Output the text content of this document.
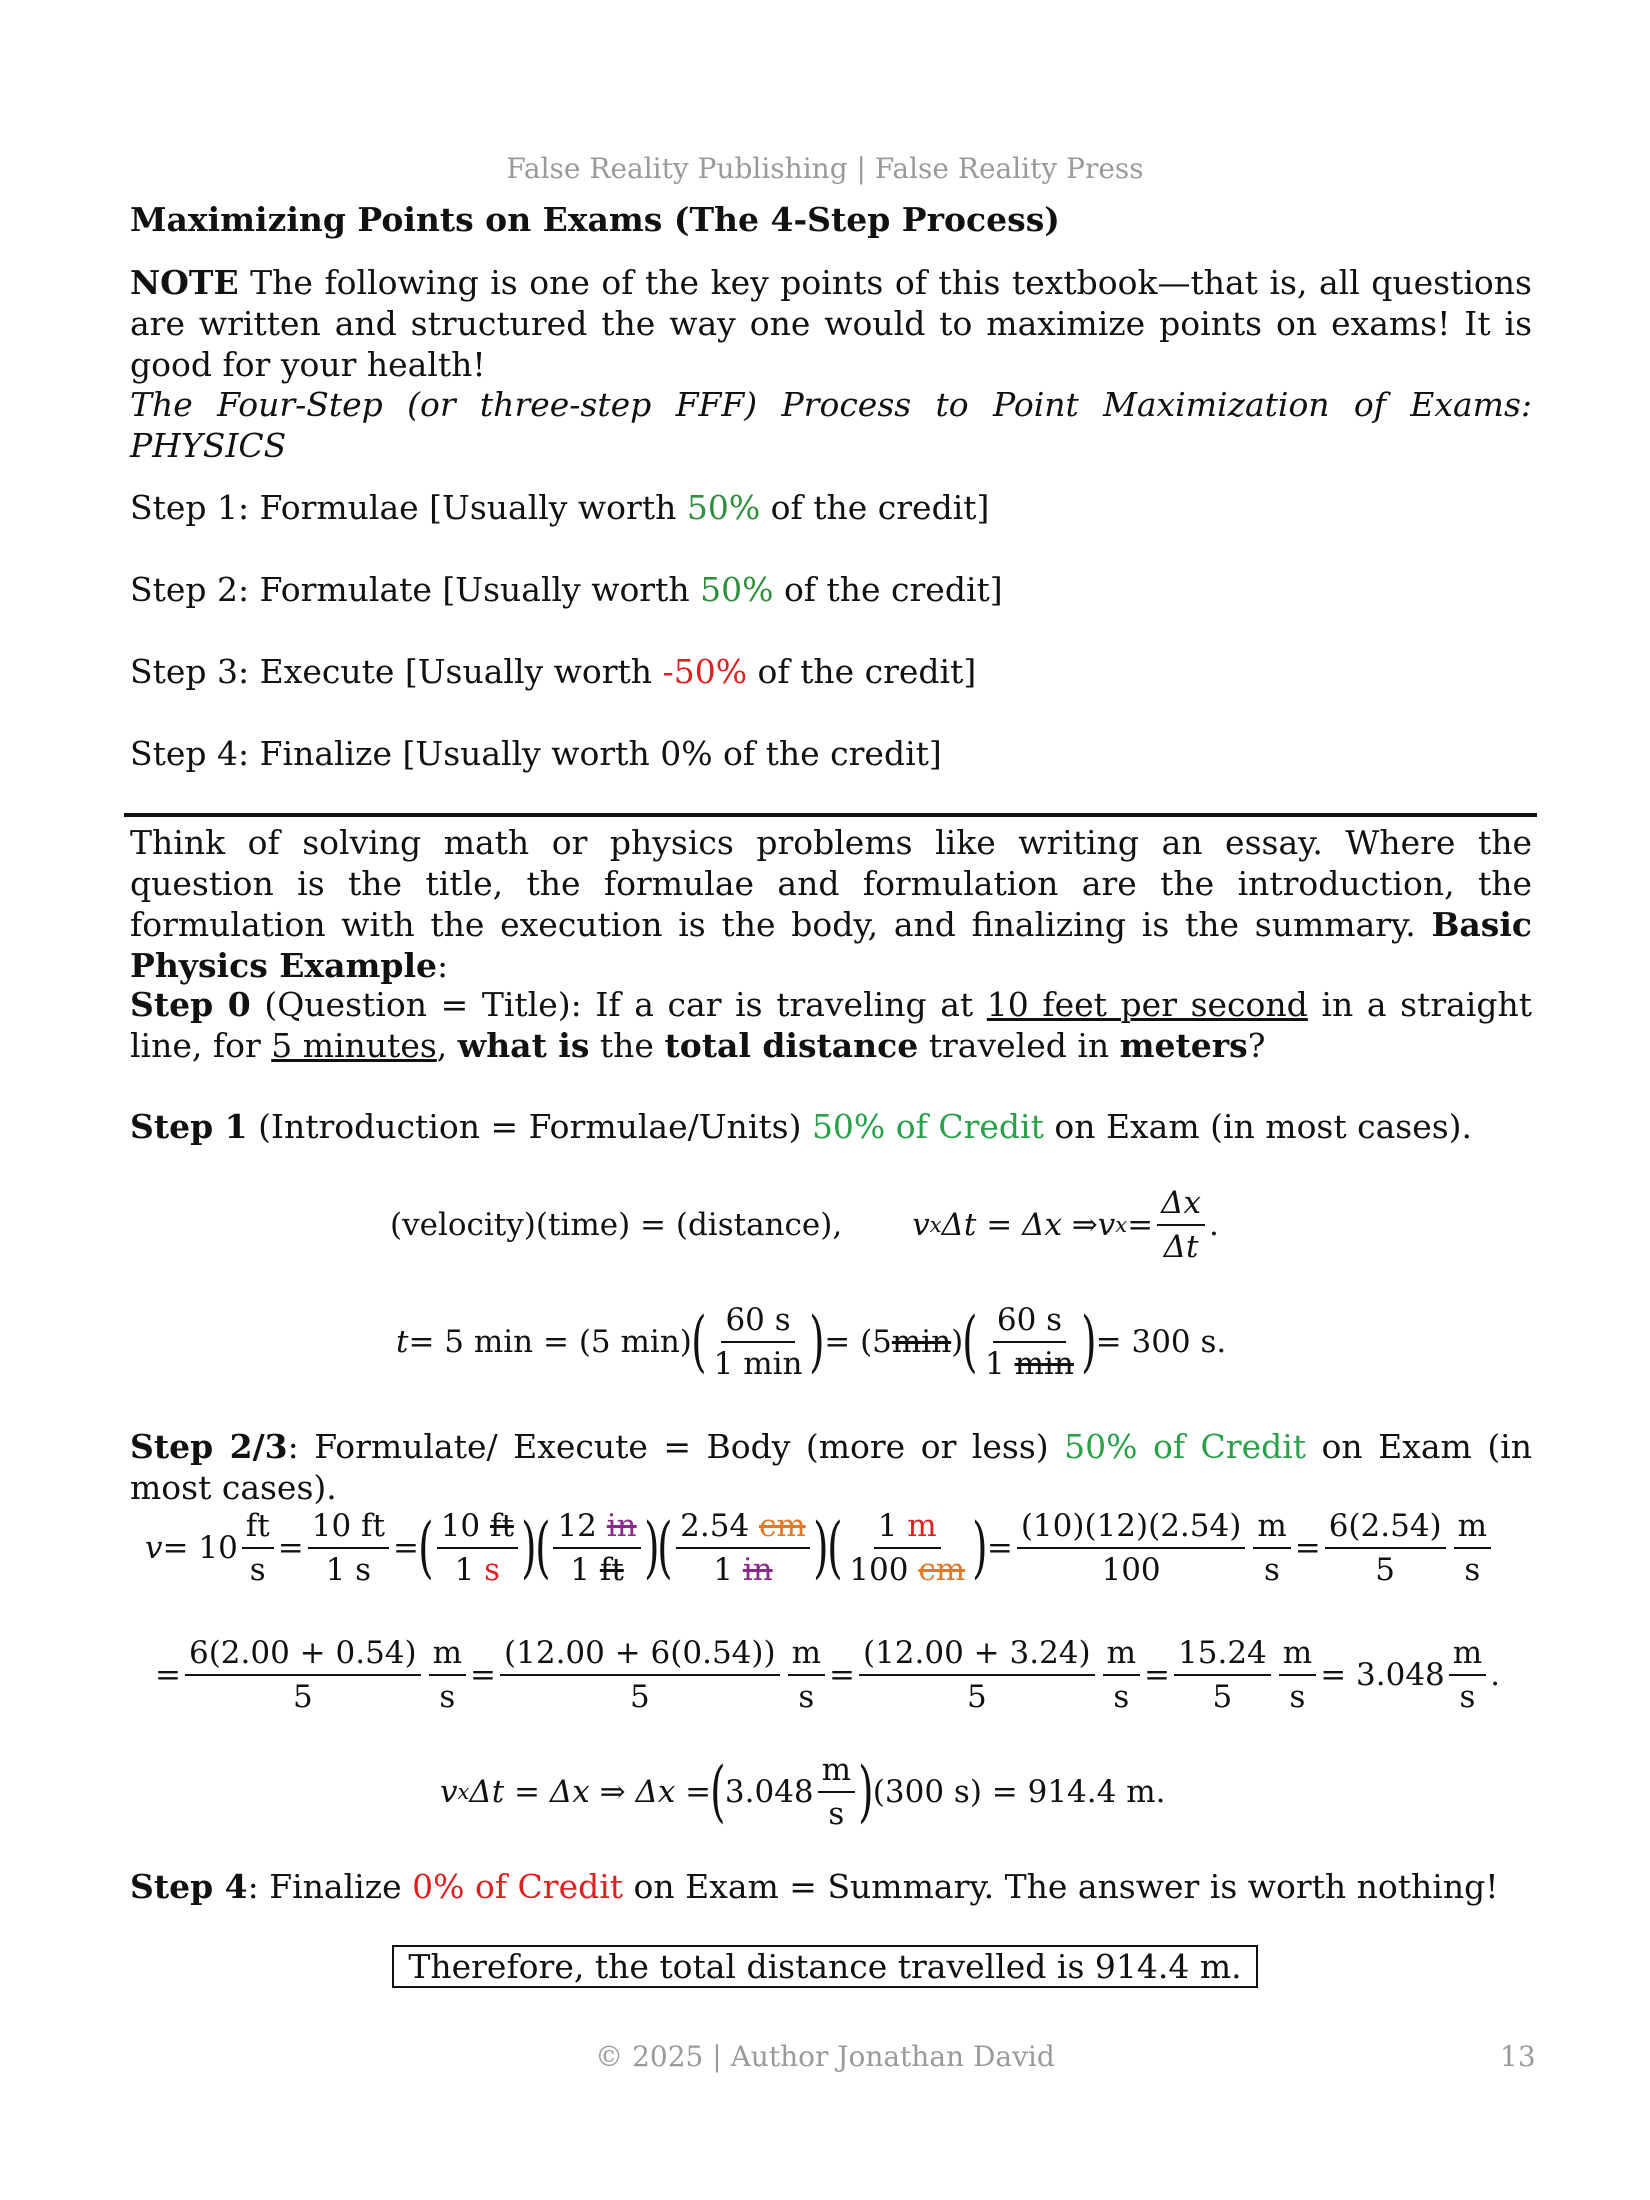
False Reality Publishing | False Reality Press
Maximizing Points on Exams (The 4-Step Process)
NOTE The following is one of the key points of this textbook—that is, all questions are written and structured the way one would to maximize points on exams! It is good for your health!
The Four-Step (or three-step FFF) Process to Point Maximization of Exams: PHYSICS
Step 1: Formulae [Usually worth 50% of the credit]
Step 2: Formulate [Usually worth 50% of the credit]
Step 3: Execute [Usually worth -50% of the credit]
Step 4: Finalize [Usually worth 0% of the credit]
Think of solving math or physics problems like writing an essay. Where the question is the title, the formulae and formulation are the introduction, the formulation with the execution is the body, and finalizing is the summary. Basic Physics Example:
Step 0 (Question = Title): If a car is traveling at 10 feet per second in a straight line, for 5 minutes, what is the total distance traveled in meters?
Step 1 (Introduction = Formulae/Units) 50% of Credit on Exam (in most cases).
(velocity)(time) = (distance), v x Δt = Δx ⇒ v $x = \frac{\Delta x}{\Delta t}$ .
t = 5 min = (5 min) ( $\frac{60 s}{1 \min}$ ) = (5 min ) ( $\frac{60 s}{1 \min}$ ) = 300 s.
Step 2/3: Formulate/ Execute = Body (more or less) 50% of Credit on Exam (in most cases).
$v = 10 \frac{ft}{s} = \frac{10 ft}{1 s}$ = ( $\frac{10 ft}{1 s}$ )
( $\frac{12 in}{1 ft}$ )
( $\frac{2.54 cm}{1 in}$ )
( $\frac{1 m}{100 cm}$ ) = $\frac{(10)(12)(2.54)}{100} \frac{m}{s} = \frac{6(2.54)}{5} \frac{m}{s}$
= $\frac{6(2.00 + 0.54)}{5} \frac{m}{s} = \frac{(12.00 + 6(0.54))}{5} \frac{m}{s} = \frac{(12.00 + 3.24)}{5} \frac{m}{s} = \frac{15.24}{5} \frac{m}{s} = 3.048 \frac{m}{s}$ .
v x Δt = Δx ⇒ Δx = ( $3.048 \frac{m}{s}$ ) (300 s) = 914.4 m.
Step 4: Finalize 0% of Credit on Exam = Summary. The answer is worth nothing!
Therefore, the total distance travelled is 914.4 m.
© 2025 | Author Jonathan David	13
